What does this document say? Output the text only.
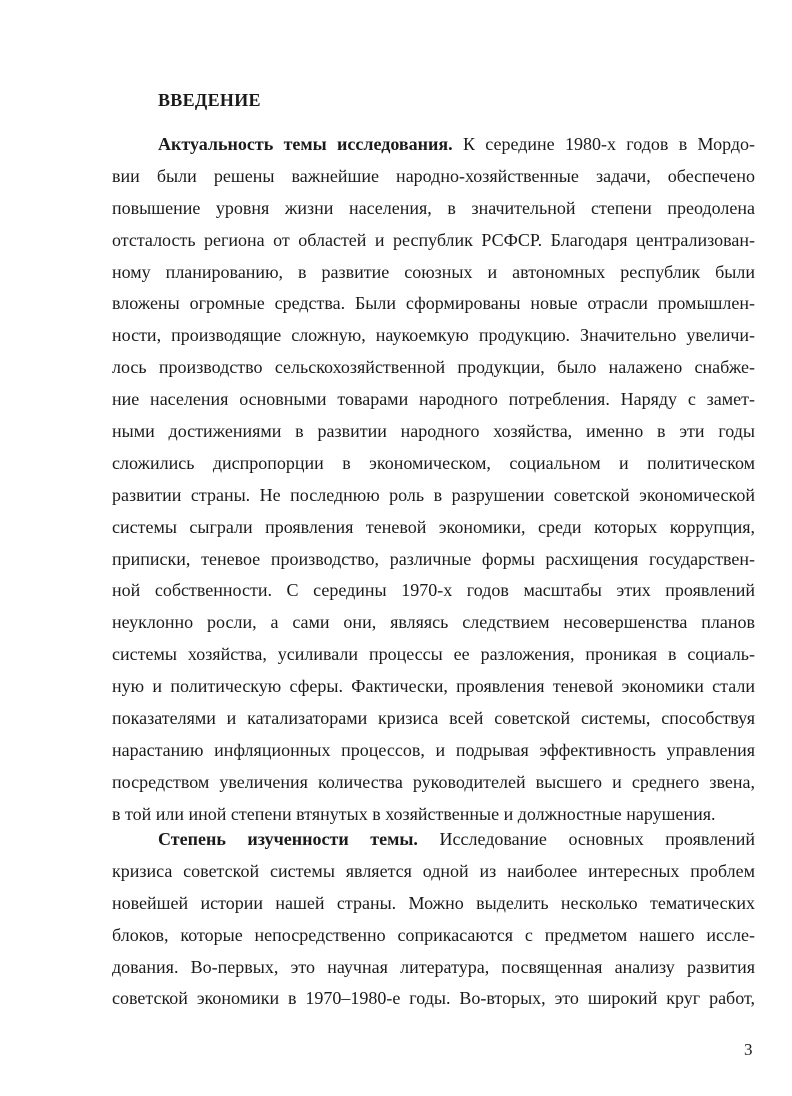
ВВЕДЕНИЕ
Актуальность темы исследования. К середине 1980-х годов в Мордо-
вии были решены важнейшие народно-хозяйственные задачи, обеспечено
повышение уровня жизни населения, в значительной степени преодолена
отсталость региона от областей и республик РСФСР. Благодаря централизован-
ному планированию, в развитие союзных и автономных республик были
вложены огромные средства. Были сформированы новые отрасли промышлен-
ности, производящие сложную, наукоемкую продукцию. Значительно увеличи-
лось производство сельскохозяйственной продукции, было налажено снабже-
ние населения основными товарами народного потребления. Наряду с замет-
ными достижениями в развитии народного хозяйства, именно в эти годы
сложились диспропорции в экономическом, социальном и политическом
развитии страны. Не последнюю роль в разрушении советской экономической
системы сыграли проявления теневой экономики, среди которых коррупция,
приписки, теневое производство, различные формы расхищения государствен-
ной собственности. С середины 1970-х годов масштабы этих проявлений
неуклонно росли, а сами они, являясь следствием несовершенства планов
системы хозяйства, усиливали процессы ее разложения, проникая в социаль-
ную и политическую сферы. Фактически, проявления теневой экономики стали
показателями и катализаторами кризиса всей советской системы, способствуя
нарастанию инфляционных процессов, и подрывая эффективность управления
посредством увеличения количества руководителей высшего и среднего звена,
в той или иной степени втянутых в хозяйственные и должностные нарушения.
Степень изученности темы. Исследование основных проявлений
кризиса советской системы является одной из наиболее интересных проблем
новейшей истории нашей страны. Можно выделить несколько тематических
блоков, которые непосредственно соприкасаются с предметом нашего иссле-
дования. Во-первых, это научная литература, посвященная анализу развития
советской экономики в 1970–1980-е годы. Во-вторых, это широкий круг работ,
3
